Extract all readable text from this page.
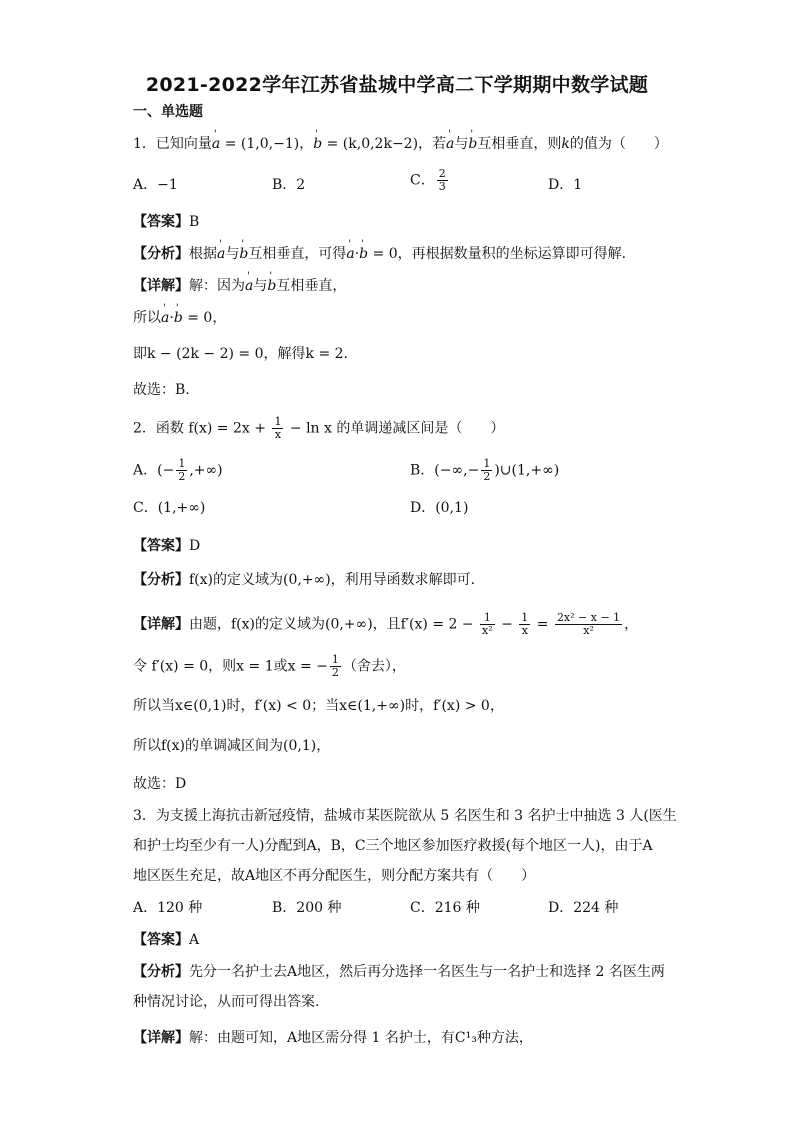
2021-2022学年江苏省盐城中学高二下学期期中数学试题
一、单选题
1．已知向量' a = (1,0,−1)，' b = (k,0,2k−2)，若' a与' b互相垂直，则k的值为（　　）
A．−1	B．2	C． $\frac{2}{3}$	D．1
【答案】B
【分析】根据' a与' b互相垂直，可得' a·' b = 0，再根据数量积的坐标运算即可得解.
【详解】解：因为' a与' b互相垂直，
所以' a·' b = 0，
即k − (2k − 2) = 0，解得k = 2.
故选：B.
2．函数 $f(x) = 2x + \frac{1}{x} - \ln x$ 的单调递减区间是（　　）
A．(− $\frac{1}{2}$ ,+∞)	B．(−∞,− $\frac{1}{2}$ )∪(1,+∞)
C．(1,+∞)	D．(0,1)
【答案】D
【分析】f(x)的定义域为(0,+∞)，利用导函数求解即可.
【详解】由题，f(x)的定义域为(0,+∞)，且$f'(x) = 2 - \frac{1}{\text{x²}} - \frac{1}{x} = \frac{\text{2x² − x − 1}}{\text{x²}}$ ，
令 f′(x) = 0，则x = 1或x = − $\frac{1}{2}$ （舍去），
所以当x∈(0,1)时，f′(x) < 0；当x∈(1,+∞)时，f′(x) > 0，
所以f(x)的单调减区间为(0,1)，
故选：D
3．为支援上海抗击新冠疫情，盐城市某医院欲从 5 名医生和 3 名护士中抽选 3 人(医生
和护士均至少有一人)分配到A，B，C三个地区参加医疗救援(每个地区一人)，由于A
地区医生充足，故A地区不再分配医生，则分配方案共有（　　）
A．120 种	B．200 种	C．216 种	D．224 种
【答案】A
【分析】先分一名护士去A地区，然后再分选择一名医生与一名护士和选择 2 名医生两
种情况讨论，从而可得出答案.
【详解】解：由题可知，A地区需分得 1 名护士，有C¹₃种方法，
